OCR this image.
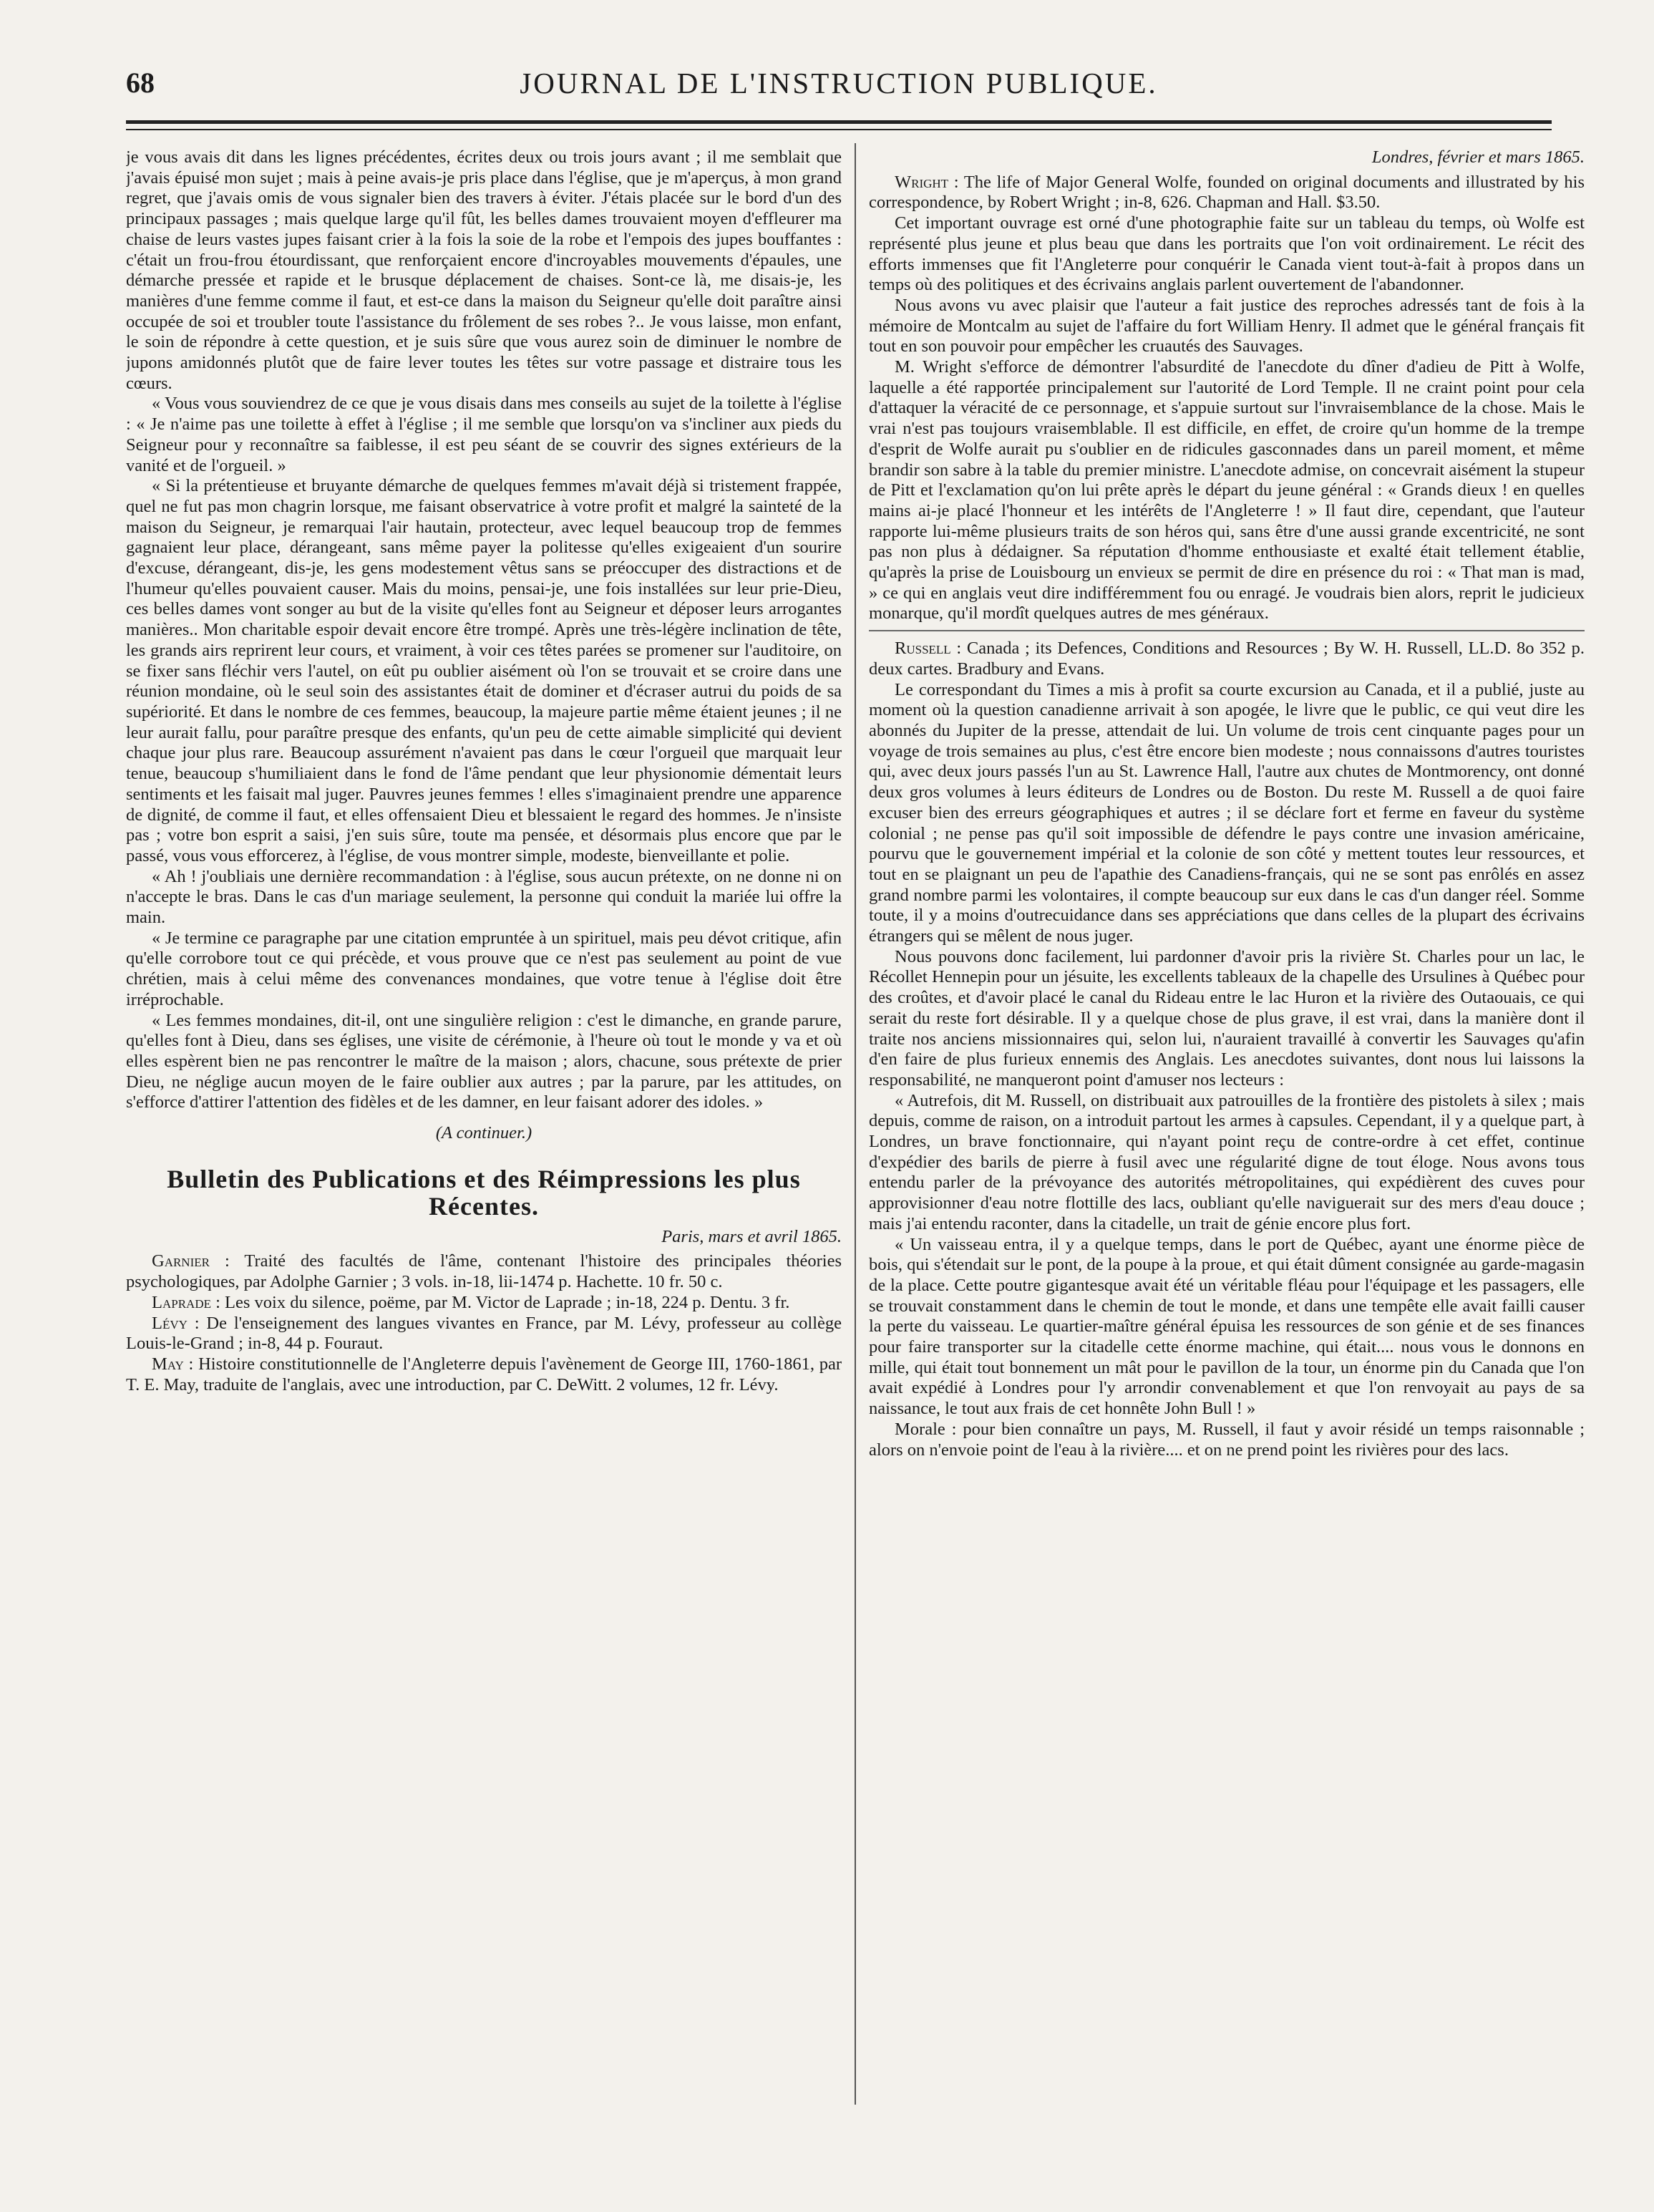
68	JOURNAL DE L'INSTRUCTION PUBLIQUE.

je vous avais dit dans les lignes précédentes, écrites deux ou trois jours avant ; il me semblait que j'avais épuisé mon sujet ; mais à peine avais-je pris place dans l'église, que je m'aperçus, à mon grand regret, que j'avais omis de vous signaler bien des travers à éviter. J'étais placée sur le bord d'un des principaux passages ; mais quelque large qu'il fût, les belles dames trouvaient moyen d'effleurer ma chaise de leurs vastes jupes faisant crier à la fois la soie de la robe et l'empois des jupes bouffantes : c'était un frou-frou étourdissant, que renforçaient encore d'incroyables mouvements d'épaules, une démarche pressée et rapide et le brusque déplacement de chaises. Sont-ce là, me disais-je, les manières d'une femme comme il faut, et est-ce dans la maison du Seigneur qu'elle doit paraître ainsi occupée de soi et troubler toute l'assistance du frôlement de ses robes ?.. Je vous laisse, mon enfant, le soin de répondre à cette question, et je suis sûre que vous aurez soin de diminuer le nombre de jupons amidonnés plutôt que de faire lever toutes les têtes sur votre passage et distraire tous les cœurs.

« Vous vous souviendrez de ce que je vous disais dans mes conseils au sujet de la toilette à l'église : « Je n'aime pas une toilette à effet à l'église ; il me semble que lorsqu'on va s'incliner aux pieds du Seigneur pour y reconnaître sa faiblesse, il est peu séant de se couvrir des signes extérieurs de la vanité et de l'orgueil. »

« Si la prétentieuse et bruyante démarche de quelques femmes m'avait déjà si tristement frappée, quel ne fut pas mon chagrin lorsque, me faisant observatrice à votre profit et malgré la sainteté de la maison du Seigneur, je remarquai l'air hautain, protecteur, avec lequel beaucoup trop de femmes gagnaient leur place, dérangeant, sans même payer la politesse qu'elles exigeaient d'un sourire d'excuse, dérangeant, dis-je, les gens modestement vêtus sans se préoccuper des distractions et de l'humeur qu'elles pouvaient causer. Mais du moins, pensai-je, une fois installées sur leur prie-Dieu, ces belles dames vont songer au but de la visite qu'elles font au Seigneur et déposer leurs arrogantes manières.. Mon charitable espoir devait encore être trompé. Après une très-légère inclination de tête, les grands airs reprirent leur cours, et vraiment, à voir ces têtes parées se promener sur l'auditoire, on se fixer sans fléchir vers l'autel, on eût pu oublier aisément où l'on se trouvait et se croire dans une réunion mondaine, où le seul soin des assistantes était de dominer et d'écraser autrui du poids de sa supériorité. Et dans le nombre de ces femmes, beaucoup, la majeure partie même étaient jeunes ; il ne leur aurait fallu, pour paraître presque des enfants, qu'un peu de cette aimable simplicité qui devient chaque jour plus rare. Beaucoup assurément n'avaient pas dans le cœur l'orgueil que marquait leur tenue, beaucoup s'humiliaient dans le fond de l'âme pendant que leur physionomie démentait leurs sentiments et les faisait mal juger. Pauvres jeunes femmes ! elles s'imaginaient prendre une apparence de dignité, de comme il faut, et elles offensaient Dieu et blessaient le regard des hommes. Je n'insiste pas ; votre bon esprit a saisi, j'en suis sûre, toute ma pensée, et désormais plus encore que par le passé, vous vous efforcerez, à l'église, de vous montrer simple, modeste, bienveillante et polie.

« Ah ! j'oubliais une dernière recommandation : à l'église, sous aucun prétexte, on ne donne ni on n'accepte le bras. Dans le cas d'un mariage seulement, la personne qui conduit la mariée lui offre la main.

« Je termine ce paragraphe par une citation empruntée à un spirituel, mais peu dévot critique, afin qu'elle corrobore tout ce qui précède, et vous prouve que ce n'est pas seulement au point de vue chrétien, mais à celui même des convenances mondaines, que votre tenue à l'église doit être irréprochable.

« Les femmes mondaines, dit-il, ont une singulière religion : c'est le dimanche, en grande parure, qu'elles font à Dieu, dans ses églises, une visite de cérémonie, à l'heure où tout le monde y va et où elles espèrent bien ne pas rencontrer le maître de la maison ; alors, chacune, sous prétexte de prier Dieu, ne néglige aucun moyen de le faire oublier aux autres ; par la parure, par les attitudes, on s'efforce d'attirer l'attention des fidèles et de les damner, en leur faisant adorer des idoles. »

(A continuer.)
Bulletin des Publications et des Réimpressions les plus Récentes.
Paris, mars et avril 1865.

Garnier : Traité des facultés de l'âme, contenant l'histoire des principales théories psychologiques, par Adolphe Garnier ; 3 vols. in-18, lii-1474 p. Hachette. 10 fr. 50 c.

Laprade : Les voix du silence, poëme, par M. Victor de Laprade ; in-18, 224 p. Dentu. 3 fr.

Lévy : De l'enseignement des langues vivantes en France, par M. Lévy, professeur au collège Louis-le-Grand ; in-8, 44 p. Fouraut.

May : Histoire constitutionnelle de l'Angleterre depuis l'avènement de George III, 1760-1861, par T. E. May, traduite de l'anglais, avec une introduction, par C. DeWitt. 2 volumes, 12 fr. Lévy.

Londres, février et mars 1865.

Wright : The life of Major General Wolfe, founded on original documents and illustrated by his correspondence, by Robert Wright ; in-8, 626. Chapman and Hall. $3.50.

Cet important ouvrage est orné d'une photographie faite sur un tableau du temps, où Wolfe est représenté plus jeune et plus beau que dans les portraits que l'on voit ordinairement. Le récit des efforts immenses que fit l'Angleterre pour conquérir le Canada vient tout-à-fait à propos dans un temps où des politiques et des écrivains anglais parlent ouvertement de l'abandonner.

Nous avons vu avec plaisir que l'auteur a fait justice des reproches adressés tant de fois à la mémoire de Montcalm au sujet de l'affaire du fort William Henry. Il admet que le général français fit tout en son pouvoir pour empêcher les cruautés des Sauvages.

M. Wright s'efforce de démontrer l'absurdité de l'anecdote du dîner d'adieu de Pitt à Wolfe, laquelle a été rapportée principalement sur l'autorité de Lord Temple. Il ne craint point pour cela d'attaquer la véracité de ce personnage, et s'appuie surtout sur l'invraisemblance de la chose. Mais le vrai n'est pas toujours vraisemblable. Il est difficile, en effet, de croire qu'un homme de la trempe d'esprit de Wolfe aurait pu s'oublier en de ridicules gasconnades dans un pareil moment, et même brandir son sabre à la table du premier ministre. L'anecdote admise, on concevrait aisément la stupeur de Pitt et l'exclamation qu'on lui prête après le départ du jeune général : « Grands dieux ! en quelles mains ai-je placé l'honneur et les intérêts de l'Angleterre ! » Il faut dire, cependant, que l'auteur rapporte lui-même plusieurs traits de son héros qui, sans être d'une aussi grande excentricité, ne sont pas non plus à dédaigner. Sa réputation d'homme enthousiaste et exalté était tellement établie, qu'après la prise de Louisbourg un envieux se permit de dire en présence du roi : « That man is mad, » ce qui en anglais veut dire indifféremment fou ou enragé. Je voudrais bien alors, reprit le judicieux monarque, qu'il mordît quelques autres de mes généraux.

Russell : Canada ; its Defences, Conditions and Resources ; By W. H. Russell, LL.D. 8o 352 p. deux cartes. Bradbury and Evans.

Le correspondant du Times a mis à profit sa courte excursion au Canada, et il a publié, juste au moment où la question canadienne arrivait à son apogée, le livre que le public, ce qui veut dire les abonnés du Jupiter de la presse, attendait de lui. Un volume de trois cent cinquante pages pour un voyage de trois semaines au plus, c'est être encore bien modeste ; nous connaissons d'autres touristes qui, avec deux jours passés l'un au St. Lawrence Hall, l'autre aux chutes de Montmorency, ont donné deux gros volumes à leurs éditeurs de Londres ou de Boston. Du reste M. Russell a de quoi faire excuser bien des erreurs géographiques et autres ; il se déclare fort et ferme en faveur du système colonial ; ne pense pas qu'il soit impossible de défendre le pays contre une invasion américaine, pourvu que le gouvernement impérial et la colonie de son côté y mettent toutes leur ressources, et tout en se plaignant un peu de l'apathie des Canadiens-français, qui ne se sont pas enrôlés en assez grand nombre parmi les volontaires, il compte beaucoup sur eux dans le cas d'un danger réel. Somme toute, il y a moins d'outrecuidance dans ses appréciations que dans celles de la plupart des écrivains étrangers qui se mêlent de nous juger.

Nous pouvons donc facilement, lui pardonner d'avoir pris la rivière St. Charles pour un lac, le Récollet Hennepin pour un jésuite, les excellents tableaux de la chapelle des Ursulines à Québec pour des croûtes, et d'avoir placé le canal du Rideau entre le lac Huron et la rivière des Outaouais, ce qui serait du reste fort désirable. Il y a quelque chose de plus grave, il est vrai, dans la manière dont il traite nos anciens missionnaires qui, selon lui, n'auraient travaillé à convertir les Sauvages qu'afin d'en faire de plus furieux ennemis des Anglais. Les anecdotes suivantes, dont nous lui laissons la responsabilité, ne manqueront point d'amuser nos lecteurs :

« Autrefois, dit M. Russell, on distribuait aux patrouilles de la frontière des pistolets à silex ; mais depuis, comme de raison, on a introduit partout les armes à capsules. Cependant, il y a quelque part, à Londres, un brave fonctionnaire, qui n'ayant point reçu de contre-ordre à cet effet, continue d'expédier des barils de pierre à fusil avec une régularité digne de tout éloge. Nous avons tous entendu parler de la prévoyance des autorités métropolitaines, qui expédièrent des cuves pour approvisionner d'eau notre flottille des lacs, oubliant qu'elle naviguerait sur des mers d'eau douce ; mais j'ai entendu raconter, dans la citadelle, un trait de génie encore plus fort.

« Un vaisseau entra, il y a quelque temps, dans le port de Québec, ayant une énorme pièce de bois, qui s'étendait sur le pont, de la poupe à la proue, et qui était dûment consignée au garde-magasin de la place. Cette poutre gigantesque avait été un véritable fléau pour l'équipage et les passagers, elle se trouvait constamment dans le chemin de tout le monde, et dans une tempête elle avait failli causer la perte du vaisseau. Le quartier-maître général épuisa les ressources de son génie et de ses finances pour faire transporter sur la citadelle cette énorme machine, qui était.... nous vous le donnons en mille, qui était tout bonnement un mât pour le pavillon de la tour, un énorme pin du Canada que l'on avait expédié à Londres pour l'y arrondir convenablement et que l'on renvoyait au pays de sa naissance, le tout aux frais de cet honnête John Bull ! »

Morale : pour bien connaître un pays, M. Russell, il faut y avoir résidé un temps raisonnable ; alors on n'envoie point de l'eau à la rivière.... et on ne prend point les rivières pour des lacs.
